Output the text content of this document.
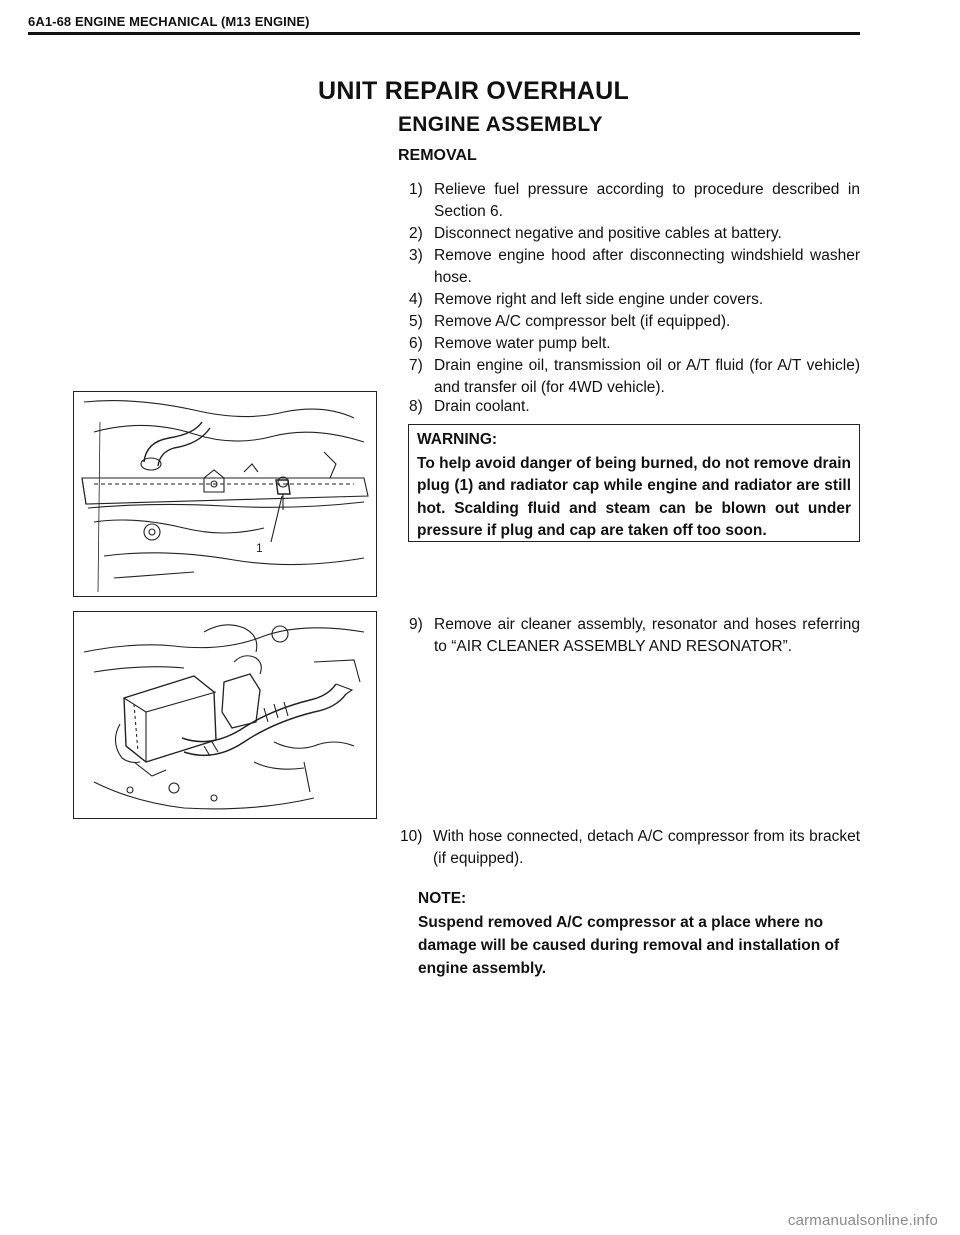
6A1-68 ENGINE MECHANICAL (M13 ENGINE)
UNIT REPAIR OVERHAUL
ENGINE ASSEMBLY
REMOVAL
1) Relieve fuel pressure according to procedure described in Section 6.
2) Disconnect negative and positive cables at battery.
3) Remove engine hood after disconnecting windshield washer hose.
4) Remove right and left side engine under covers.
5) Remove A/C compressor belt (if equipped).
6) Remove water pump belt.
7) Drain engine oil, transmission oil or A/T fluid (for A/T vehicle) and transfer oil (for 4WD vehicle).
8) Drain coolant.
WARNING:
To help avoid danger of being burned, do not remove drain plug (1) and radiator cap while engine and radiator are still hot. Scalding fluid and steam can be blown out under pressure if plug and cap are taken off too soon.
1
9) Remove air cleaner assembly, resonator and hoses referring to “AIR CLEANER ASSEMBLY AND RESONATOR”.
10) With hose connected, detach A/C compressor from its bracket (if equipped).
NOTE:
Suspend removed A/C compressor at a place where no damage will be caused during removal and installation of engine assembly.
carmanualsonline.info
